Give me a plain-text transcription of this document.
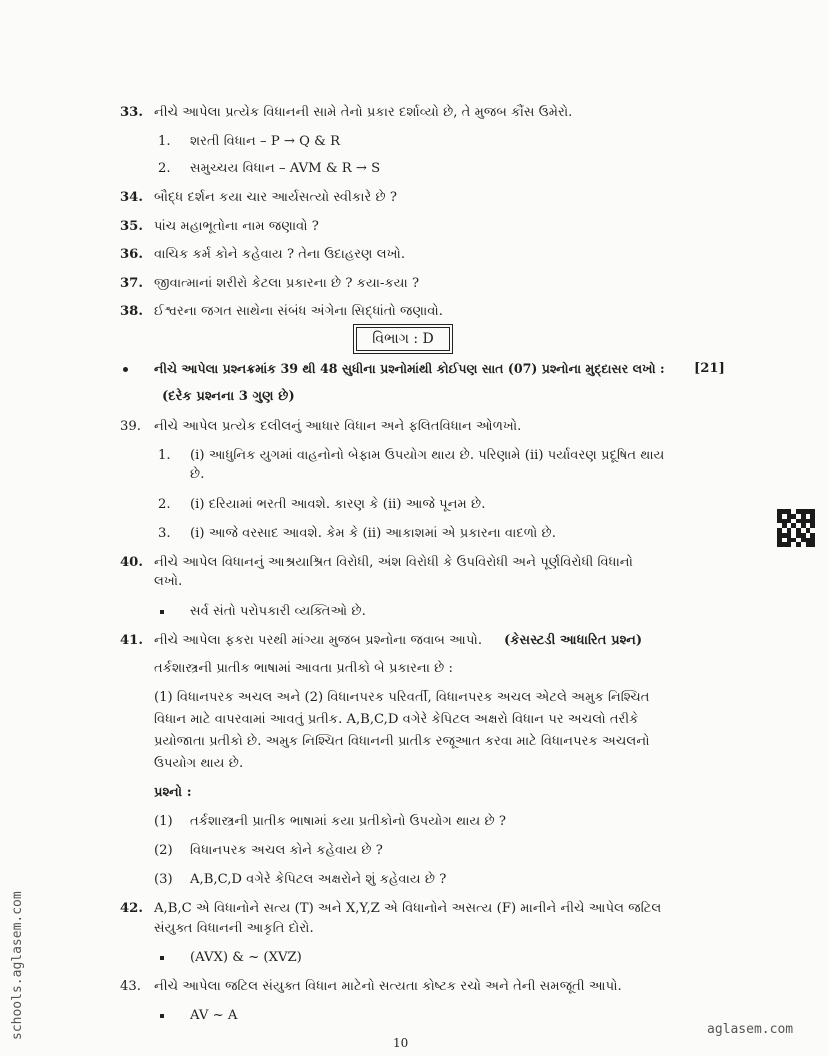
33. નીચે આપેલા પ્રત્યેક વિધાનની સામે તેનો પ્રકાર દર્શાવ્યો છે, તે મુજબ કૌંસ ઉમેરો.
1. શરતી વિધાન – P → Q & R
2. સમુચ્ચય વિધાન – AVM & R → S
34. બૌદ્ધ દર્શન કયા ચાર આર્યસત્યો સ્વીકારે છે ?
35. પાંચ મહાભૂતોના નામ જણાવો ?
36. વાચિક કર્મ કોને કહેવાય ? તેના ઉદાહરણ લખો.
37. જીવાત્માનાં શરીરો કેટલા પ્રકારના છે ? કયા-કયા ?
38. ઈશ્વરના જગત સાથેના સંબંધ અંગેના સિદ્ધાંતો જણાવો.
વિભાગ : D
નીચે આપેલા પ્રશ્નક્રમાંક 39 થી 48 સુધીના પ્રશ્નોમાંથી કોઈપણ સાત (07) પ્રશ્નોના મુદ્દાસર લખો : [21]
(દરેક પ્રશ્નના 3 ગુણ છે)
39. નીચે આપેલ પ્રત્યેક દલીલનું આધાર વિધાન અને ફલિતવિધાન ઓળખો.
1. (i) આધુનિક યુગમાં વાહનોનો બેફામ ઉપયોગ થાય છે. પરિણામે (ii) પર્યાવરણ પ્રદૂષિત થાય
છે.
2. (i) દરિયામાં ભરતી આવશે. કારણ કે (ii) આજે પૂનમ છે.
3. (i) આજે વરસાદ આવશે. કેમ કે (ii) આકાશમાં એ પ્રકારના વાદળો છે.
40. નીચે આપેલ વિધાનનું આશ્રયાશ્રિત વિરોધી, અંશ વિરોધી કે ઉપવિરોધી અને પૂર્ણવિરોધી વિધાનો
લખો.
સર્વ સંતો પરોપકારી વ્યક્તિઓ છે.
41. નીચે આપેલા ફકરા પરથી માંગ્યા મુજબ પ્રશ્નોના જવાબ આપો. (કેસસ્ટડી આધારિત પ્રશ્ન)
તર્કશાસ્ત્રની પ્રાતીક ભાષામાં આવતા પ્રતીકો બે પ્રકારના છે :
(1) વિધાનપરક અચલ અને (2) વિધાનપરક પરિવર્તી, વિધાનપરક અચલ એટલે અમુક નિશ્ચિત
વિધાન માટે વાપરવામાં આવતું પ્રતીક. A,B,C,D વગેરે કેપિટલ અક્ષરો વિધાન પર અચલો તરીકે
પ્રયોજાતા પ્રતીકો છે. અમુક નિશ્ચિત વિધાનની પ્રાતીક રજૂઆત કરવા માટે વિધાનપરક અચલનો
ઉપયોગ થાય છે.
પ્રશ્નો :
(1) તર્કશાસ્ત્રની પ્રાતીક ભાષામાં કયા પ્રતીકોનો ઉપયોગ થાય છે ?
(2) વિધાનપરક અચલ કોને કહેવાય છે ?
(3) A,B,C,D વગેરે કેપિટલ અક્ષરોને શું કહેવાય છે ?
42. A,B,C એ વિધાનોને સત્ય (T) અને X,Y,Z એ વિધાનોને અસત્ય (F) માનીને નીચે આપેલ જટિલ
સંયુક્ત વિધાનની આકૃતિ દોરો.
(AVX) & ~ (XVZ)
43. નીચે આપેલા જટિલ સંયુક્ત વિધાન માટેનો સત્યતા કોષ્ટક રચો અને તેની સમજૂતી આપો.
AV ~ A
schools.aglasem.com	aglasem.com
10
